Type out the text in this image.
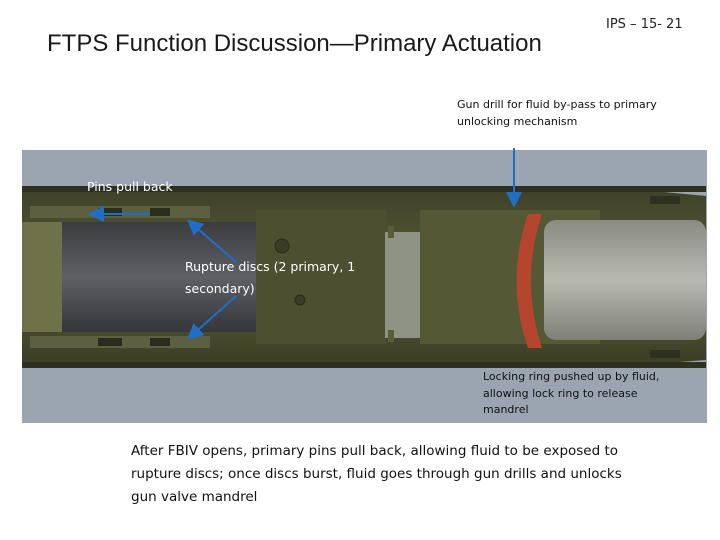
IPS – 15- 21
FTPS Function Discussion—Primary Actuation
Gun drill for fluid by-pass to primary unlocking mechanism
Pins pull back
Rupture discs (2 primary, 1 secondary)
Locking ring pushed up by fluid, allowing lock ring to release mandrel
After FBIV opens, primary pins pull back, allowing fluid to be exposed to rupture discs; once discs burst, fluid goes through gun drills and unlocks gun valve mandrel
